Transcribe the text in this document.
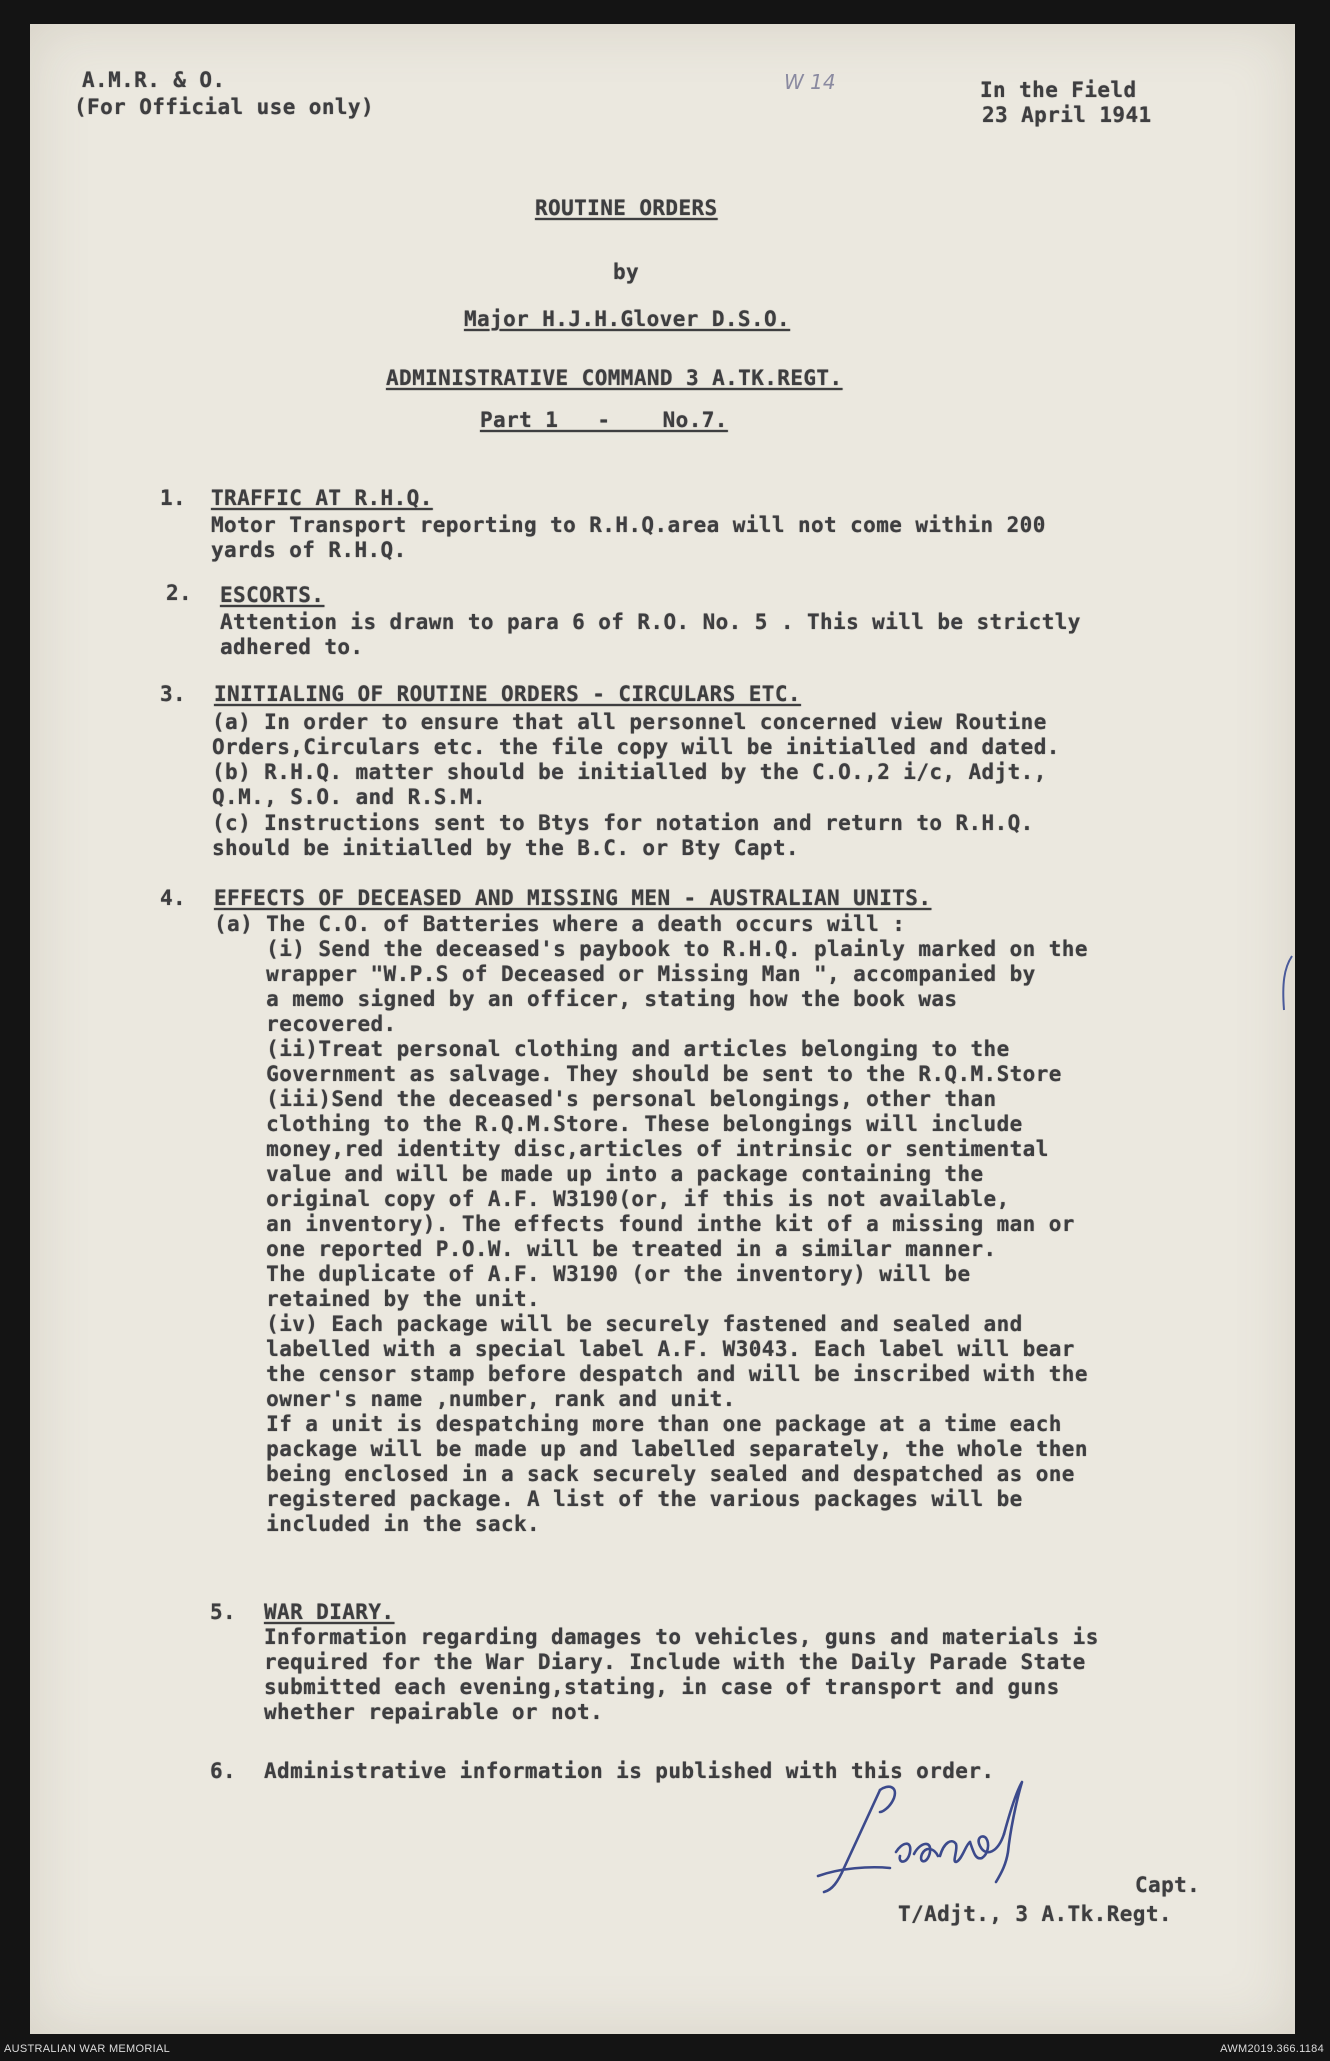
A.M.R. & O.
(For Official use only)
W 14	In the Field
23 April 1941
ROUTINE ORDERS
by
Major H.J.H.Glover D.S.O.
ADMINISTRATIVE COMMAND 3 A.TK.REGT.
Part 1   -    No.7.
1. TRAFFIC AT R.H.Q.
Motor Transport reporting to R.H.Q.area will not come within 200
yards of R.H.Q.
2. ESCORTS.
Attention is drawn to para 6 of R.O. No. 5 . This will be strictly
adhered to.
3. INITIALING OF ROUTINE ORDERS - CIRCULARS ETC.
(a) In order to ensure that all personnel concerned view Routine
Orders,Circulars etc. the file copy will be initialled and dated.
(b) R.H.Q. matter should be initialled by the C.O.,2 i/c, Adjt.,
Q.M., S.O. and R.S.M.
(c) Instructions sent to Btys for notation and return to R.H.Q.
should be initialled by the B.C. or Bty Capt.
4. EFFECTS OF DECEASED AND MISSING MEN - AUSTRALIAN UNITS.
(a) The C.O. of Batteries where a death occurs will :
(i) Send the deceased's paybook to R.H.Q. plainly marked on the
wrapper "W.P.S of Deceased or Missing Man ", accompanied by
a memo signed by an officer, stating how the book was
recovered.
(ii)Treat personal clothing and articles belonging to the
Government as salvage. They should be sent to the R.Q.M.Store
(iii)Send the deceased's personal belongings, other than
clothing to the R.Q.M.Store. These belongings will include
money,red identity disc,articles of intrinsic or sentimental
value and will be made up into a package containing the
original copy of A.F. W3190(or, if this is not available,
an inventory). The effects found inthe kit of a missing man or
one reported P.O.W. will be treated in a similar manner.
The duplicate of A.F. W3190 (or the inventory) will be
retained by the unit.
(iv) Each package will be securely fastened and sealed and
labelled with a special label A.F. W3043. Each label will bear
the censor stamp before despatch and will be inscribed with the
owner's name ,number, rank and unit.
If a unit is despatching more than one package at a time each
package will be made up and labelled separately, the whole then
being enclosed in a sack securely sealed and despatched as one
registered package. A list of the various packages will be
included in the sack.
5. WAR DIARY.
Information regarding damages to vehicles, guns and materials is
required for the War Diary. Include with the Daily Parade State
submitted each evening,stating, in case of transport and guns
whether repairable or not.
6. Administrative information is published with this order.
Capt.
T/Adjt., 3 A.Tk.Regt.
AUSTRALIAN WAR MEMORIAL	AWM2019.366.1184
